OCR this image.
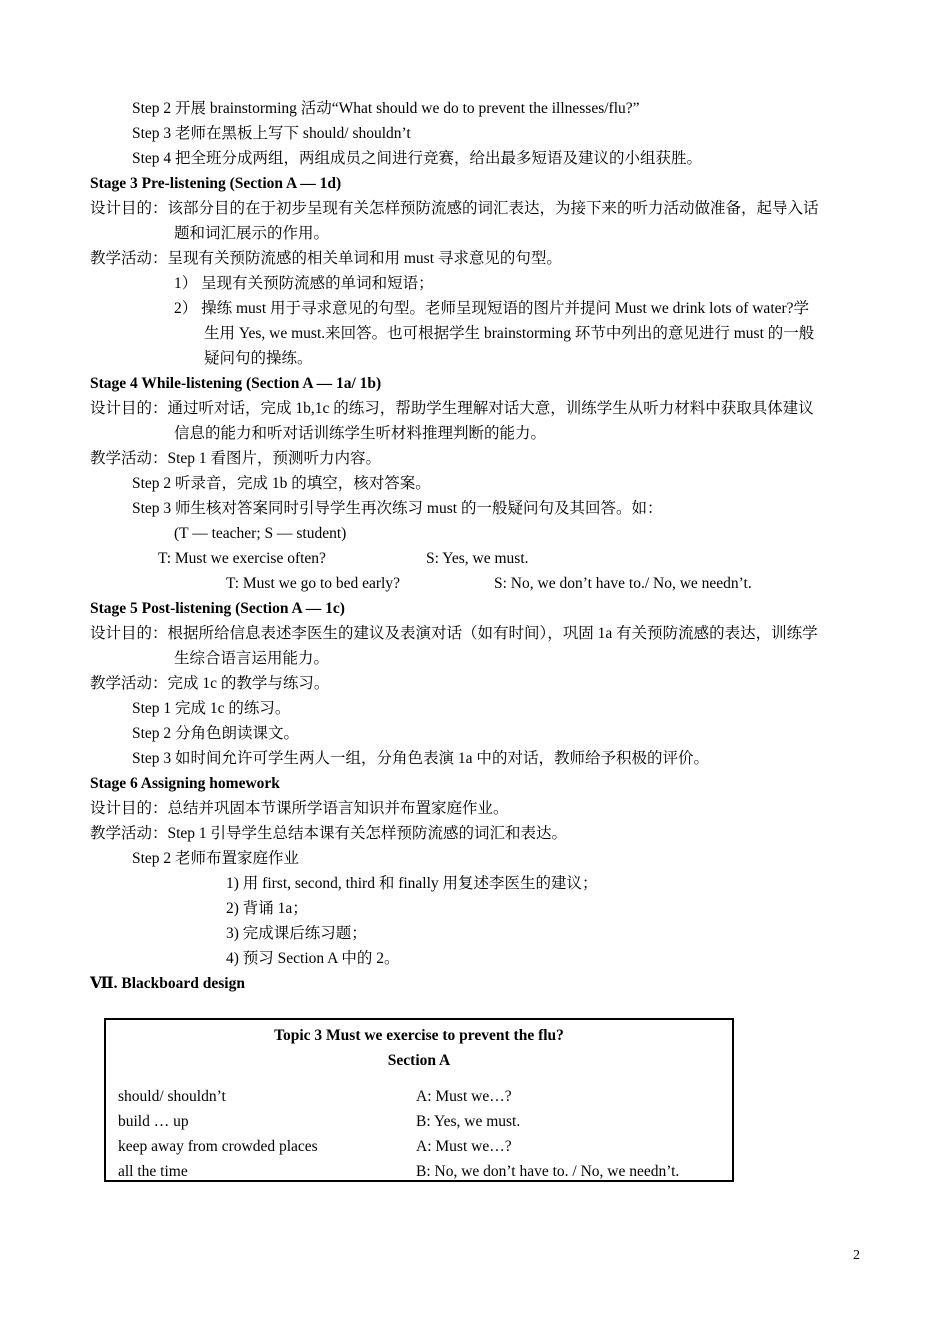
Step 2 开展 brainstorming 活动“What should we do to prevent the illnesses/flu?”
Step 3 老师在黑板上写下 should/ shouldn’t
Step 4 把全班分成两组，两组成员之间进行竞赛，给出最多短语及建议的小组获胜。
Stage 3 Pre-listening (Section A — 1d)
设计目的：该部分目的在于初步呈现有关怎样预防流感的词汇表达，为接下来的听力活动做准备，起导入话
题和词汇展示的作用。
教学活动：呈现有关预防流感的相关单词和用 must 寻求意见的句型。
1） 呈现有关预防流感的单词和短语；
2） 操练 must 用于寻求意见的句型。老师呈现短语的图片并提问 Must we drink lots of water?学
生用 Yes, we must.来回答。也可根据学生 brainstorming 环节中列出的意见进行 must 的一般
疑问句的操练。
Stage 4 While-listening (Section A — 1a/ 1b)
设计目的：通过听对话，完成 1b,1c 的练习，帮助学生理解对话大意，训练学生从听力材料中获取具体建议
信息的能力和听对话训练学生听材料推理判断的能力。
教学活动：Step 1 看图片，预测听力内容。
Step 2 听录音，完成 1b 的填空，核对答案。
Step 3 师生核对答案同时引导学生再次练习 must 的一般疑问句及其回答。如：
(T — teacher; S — student)
T: Must we exercise often?	S: Yes, we must.
T: Must we go to bed early?	S: No, we don’t have to./ No, we needn’t.
Stage 5 Post-listening (Section A — 1c)
设计目的：根据所给信息表述李医生的建议及表演对话（如有时间），巩固 1a 有关预防流感的表达，训练学
生综合语言运用能力。
教学活动：完成 1c 的教学与练习。
Step 1 完成 1c 的练习。
Step 2 分角色朗读课文。
Step 3 如时间允许可学生两人一组，分角色表演 1a 中的对话，教师给予积极的评价。
Stage 6 Assigning homework
设计目的：总结并巩固本节课所学语言知识并布置家庭作业。
教学活动：Step 1 引导学生总结本课有关怎样预防流感的词汇和表达。
Step 2 老师布置家庭作业
1) 用 first, second, third 和 finally 用复述李医生的建议；
2) 背诵 1a；
3) 完成课后练习题；
4) 预习 Section A 中的 2。
Ⅶ. Blackboard design
Topic 3 Must we exercise to prevent the flu?
Section A
should/ shouldn’t
build … up
keep away from crowded places
all the time
A: Must we…?
B: Yes, we must.
A: Must we…?
B: No, we don’t have to. / No, we needn’t.
2
